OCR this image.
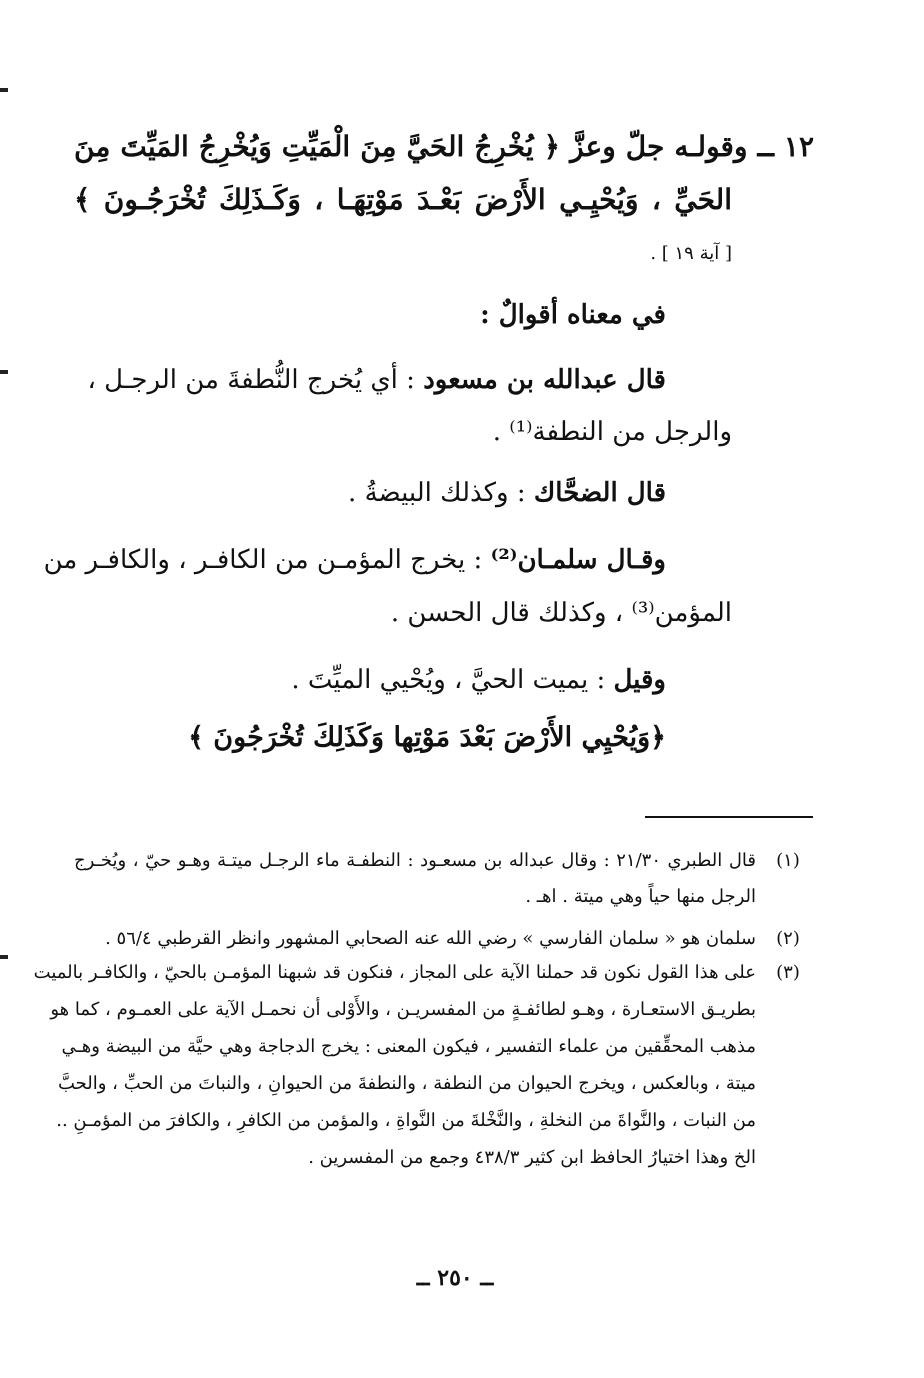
١٢ ــ وقولـه جلّ وعزَّ ﴿ يُخْرِجُ الحَيَّ مِنَ الْمَيِّتِ وَيُخْرِجُ المَيِّتَ مِنَ
الحَيِّ ، وَيُحْيِـي الأَرْضَ بَعْـدَ مَوْتِهَـا ، وَكَـذَلِكَ تُخْرَجُـونَ ﴾
[ آية ١٩ ] .
في معناه أقوالٌ :
قال عبدالله بن مسعود : أي يُخرج النُّطفةَ من الرجـل ،
والرجل من النطفة⁽¹⁾ .
قال الضحَّاك : وكذلك البيضةُ .
وقـال سلمـان⁽²⁾ : يخرج المؤمـن من الكافـر ، والكافـر من
المؤمن⁽³⁾ ، وكذلك قال الحسن .
وقيل : يميت الحيَّ ، ويُحْيي الميِّتَ .
﴿وَيُحْيِي الأَرْضَ بَعْدَ مَوْتِها وَكَذَلِكَ تُخْرَجُونَ ﴾
(١)
قال الطبري ٢١/٣٠ : وقال عبداله بن مسعـود : النطفـة ماء الرجـل ميتـة وهـو حيّ ، ويُخـرج
الرجل منها حياً وهي ميتة . اهـ .
(٢)
سلمان هو « سلمان الفارسي » رضي الله عنه الصحابي المشهور وانظر القرطبي ٥٦/٤ .
(٣)
على هذا القول نكون قد حملنا الآية على المجاز ، فنكون قد شبهنا المؤمـن بالحيّ ، والكافـر بالميت
بطريـق الاستعـارة ، وهـو لطائفـةٍ من المفسريـن ، والأَوْلى أن نحمـل الآية على العمـوم ، كما هو
مذهب المحقِّقين من علماء التفسير ، فيكون المعنى : يخرج الدجاجة وهي حيَّة من البيضة وهـي
ميتة ، وبالعكس ، ويخرج الحيوان من النطفة ، والنطفةَ من الحيوانِ ، والنباتَ من الحبِّ ، والحبَّ
من النبات ، والنَّواةَ من النخلةِ ، والنَّخْلةَ من النَّواةِ ، والمؤمن من الكافرِ ، والكافرَ من المؤمـنِ ..
الخ وهذا اختيارُ الحافظ ابن كثير ٤٣٨/٣ وجمع من المفسرين .
ــ ٢٥٠ ــ
